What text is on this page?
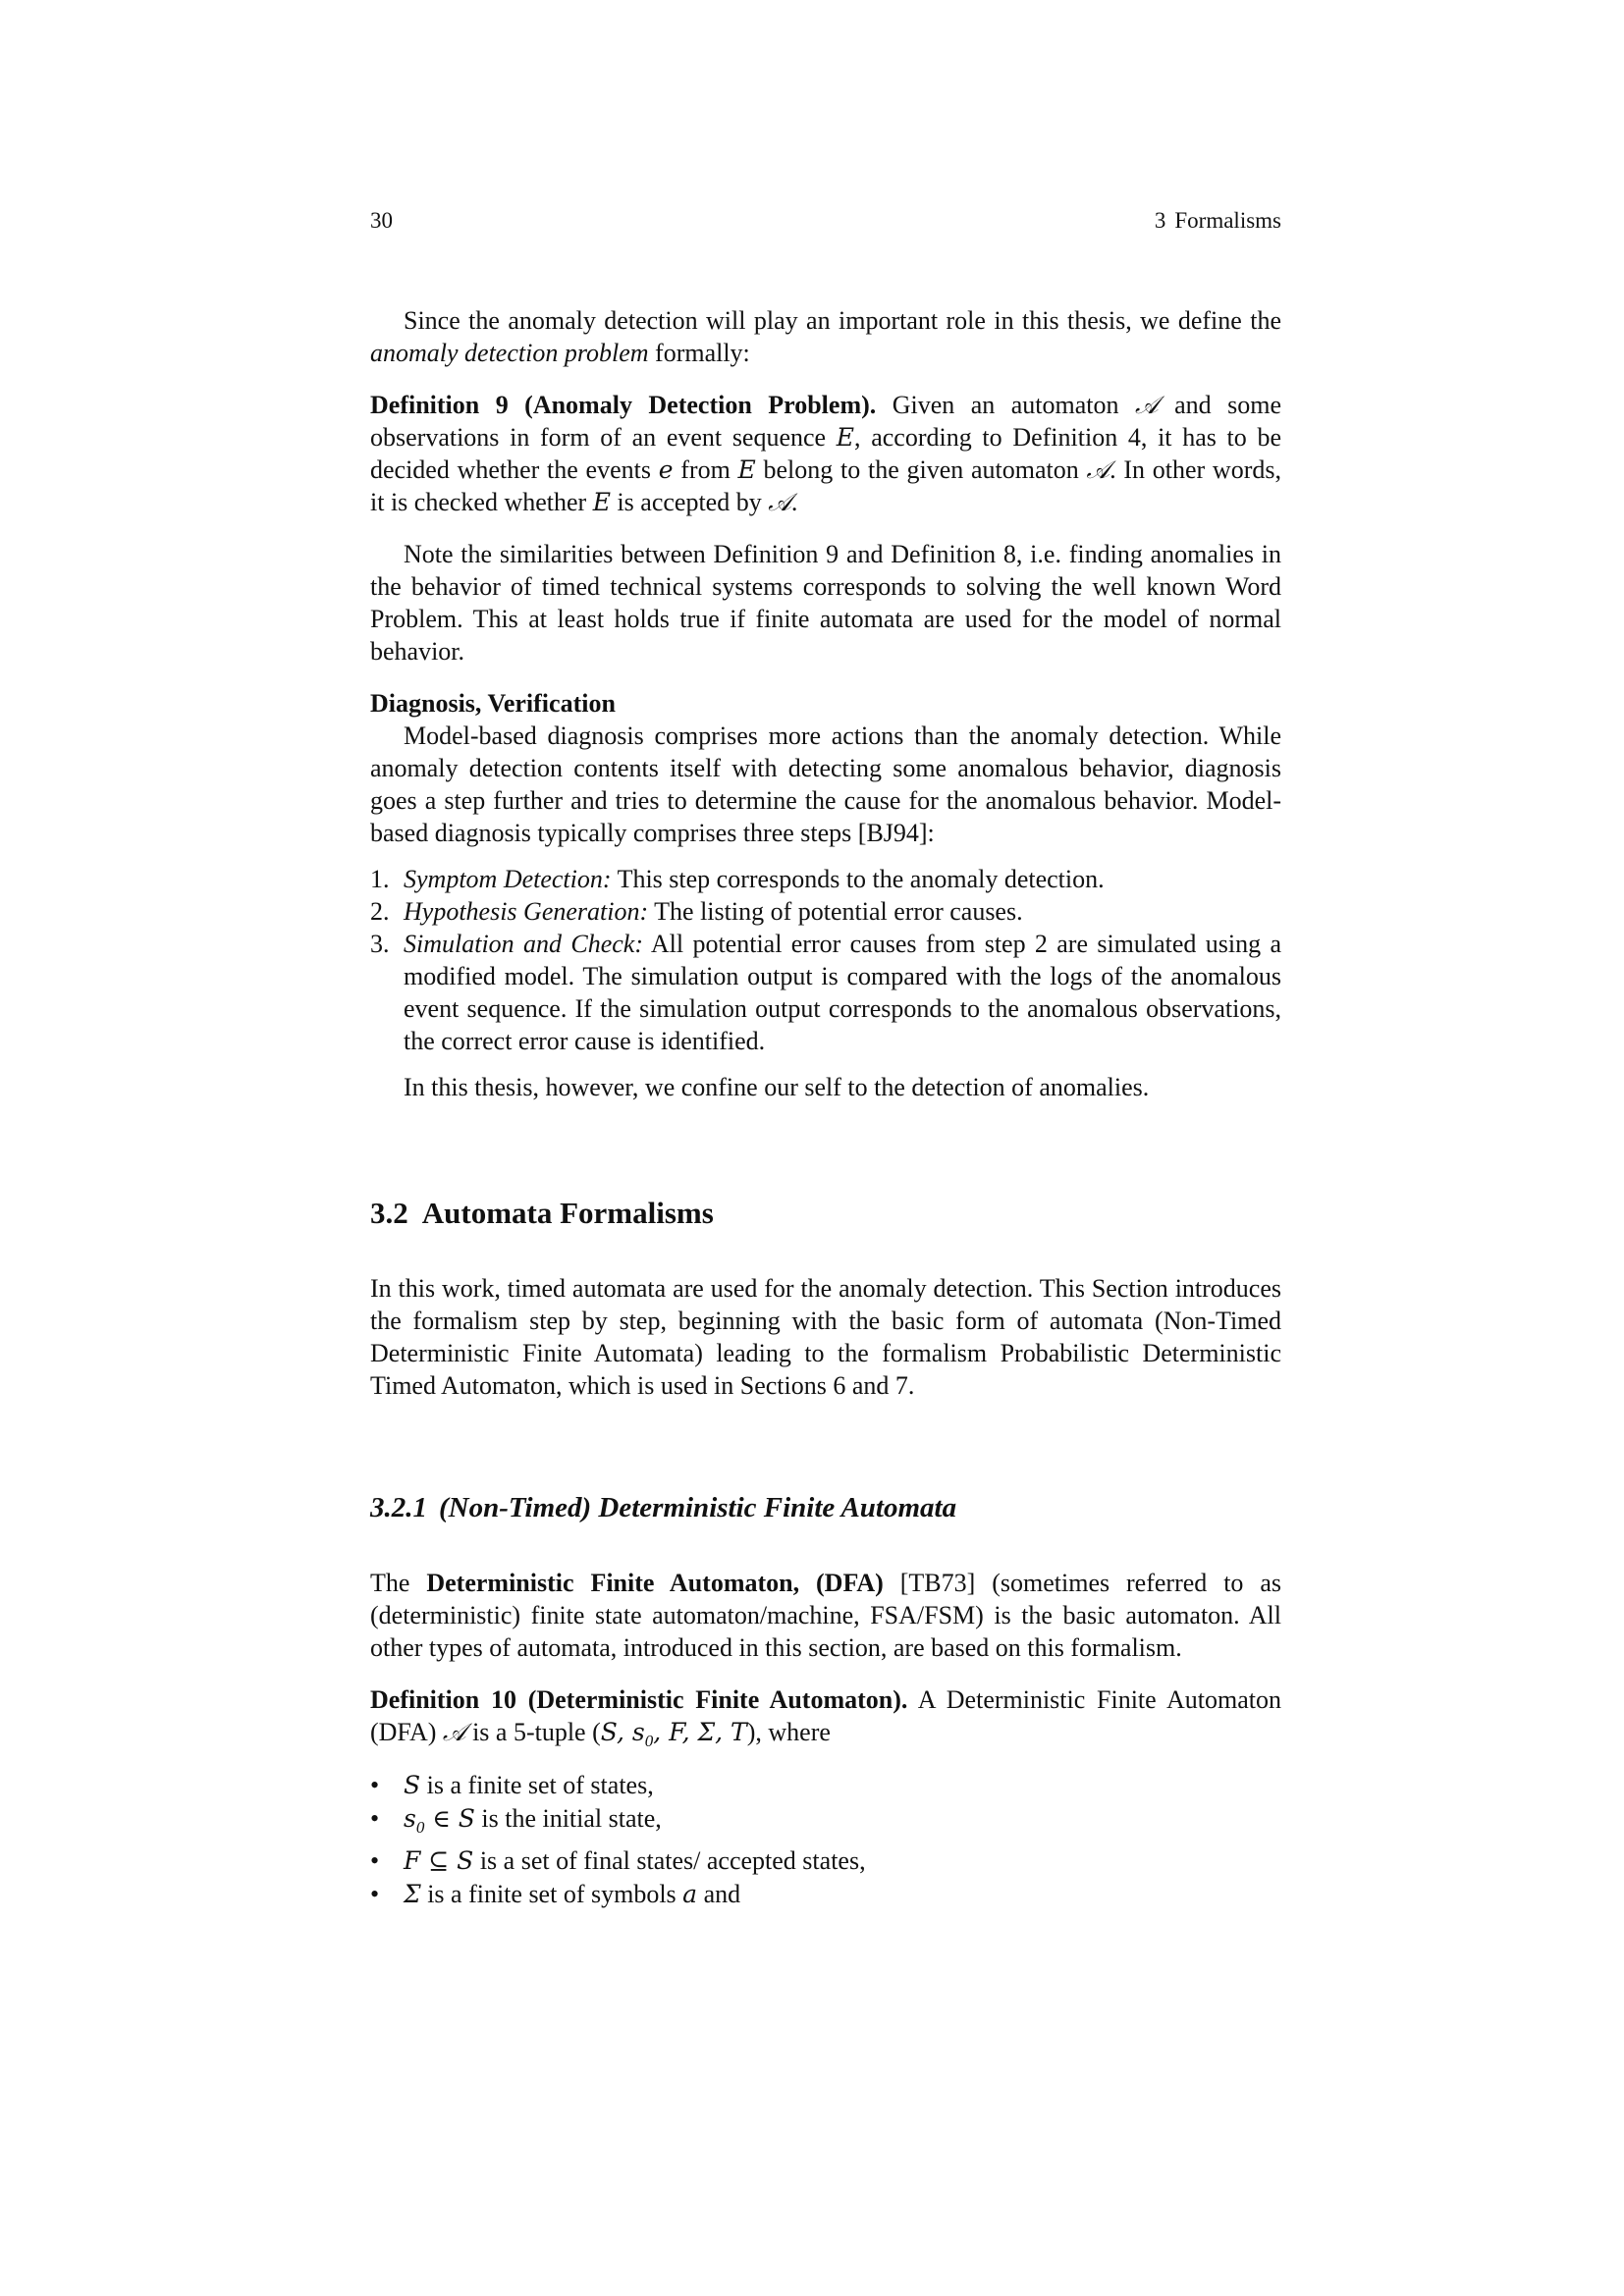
30	3 Formalisms

Since the anomaly detection will play an important role in this thesis, we define the anomaly detection problem formally:

Definition 9 (Anomaly Detection Problem). Given an automaton 𝒜 and some observations in form of an event sequence E, according to Definition 4, it has to be decided whether the events e from E belong to the given automaton 𝒜. In other words, it is checked whether E is accepted by 𝒜.

Note the similarities between Definition 9 and Definition 8, i.e. finding anomalies in the behavior of timed technical systems corresponds to solving the well known Word Problem. This at least holds true if finite automata are used for the model of normal behavior.

Diagnosis, Verification

Model-based diagnosis comprises more actions than the anomaly detection. While anomaly detection contents itself with detecting some anomalous behavior, diagnosis goes a step further and tries to determine the cause for the anomalous behavior. Model-based diagnosis typically comprises three steps [BJ94]:

1. Symptom Detection: This step corresponds to the anomaly detection.
2. Hypothesis Generation: The listing of potential error causes.
3. Simulation and Check: All potential error causes from step 2 are simulated using a modified model. The simulation output is compared with the logs of the anomalous event sequence. If the simulation output corresponds to the anomalous observations, the correct error cause is identified.

In this thesis, however, we confine our self to the detection of anomalies.

3.2 Automata Formalisms

In this work, timed automata are used for the anomaly detection. This Section introduces the formalism step by step, beginning with the basic form of automata (Non-Timed Deterministic Finite Automata) leading to the formalism Probabilistic Deterministic Timed Automaton, which is used in Sections 6 and 7.

3.2.1 (Non-Timed) Deterministic Finite Automata

The Deterministic Finite Automaton, (DFA) [TB73] (sometimes referred to as (deterministic) finite state automaton/machine, FSA/FSM) is the basic automaton. All other types of automata, introduced in this section, are based on this formalism.

Definition 10 (Deterministic Finite Automaton). A Deterministic Finite Automaton (DFA) 𝒜 is a 5-tuple (S, $s_0$, F, Σ, T), where

• S is a finite set of states,
• $s_0$ ∈ S is the initial state,
• F ⊆ S is a set of final states/ accepted states,
• Σ is a finite set of symbols a and
